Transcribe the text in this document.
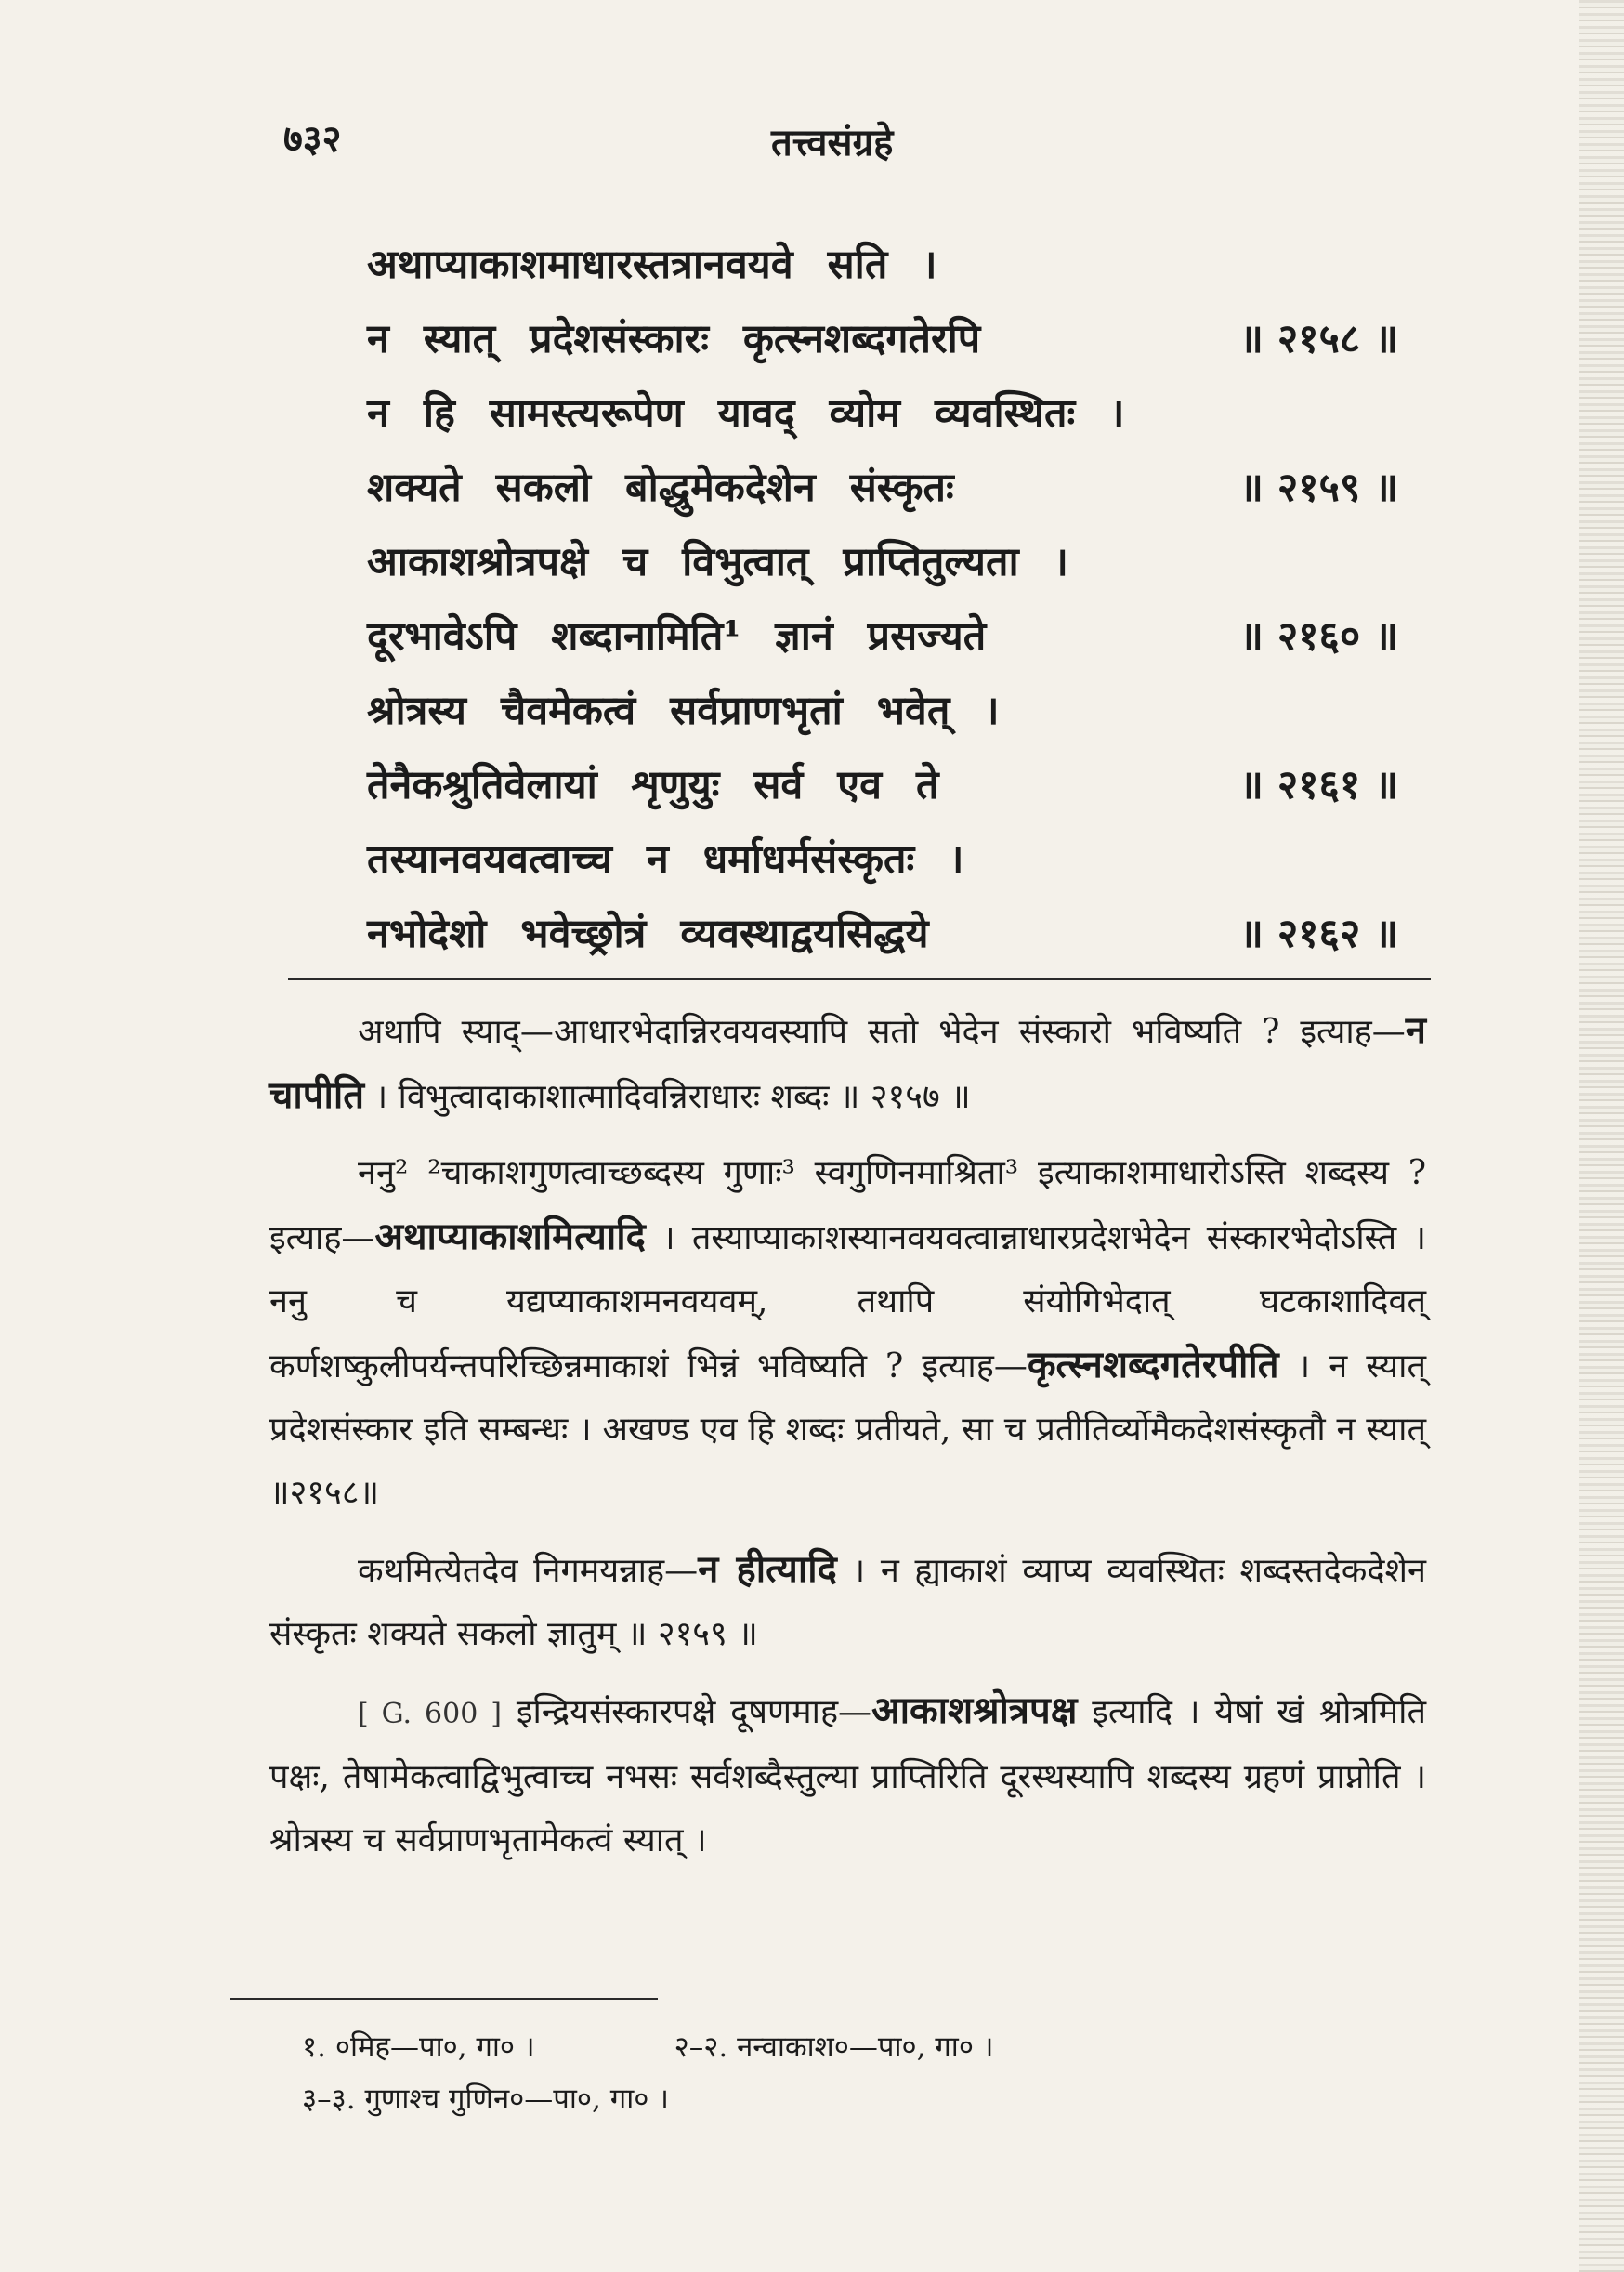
७३२	तत्त्वसंग्रहे
अथाप्याकाशमाधारस्तत्रानवयवे सति ।
न स्यात् प्रदेशसंस्कारः कृत्स्नशब्दगतेरपि	॥ २१५८ ॥
न हि सामस्त्यरूपेण यावद् व्योम व्यवस्थितः ।
शक्यते सकलो बोद्धुमेकदेशेन संस्कृतः	॥ २१५९ ॥
आकाशश्रोत्रपक्षे च विभुत्वात् प्राप्तितुल्यता ।
दूरभावेऽपि शब्दानामिति¹ ज्ञानं प्रसज्यते	॥ २१६० ॥
श्रोत्रस्य चैवमेकत्वं सर्वप्राणभृतां भवेत् ।
तेनैकश्रुतिवेलायां शृणुयुः सर्व एव ते	॥ २१६१ ॥
तस्यानवयवत्वाच्च न धर्माधर्मसंस्कृतः ।
नभोदेशो भवेच्छ्रोत्रं व्यवस्थाद्वयसिद्धये	॥ २१६२ ॥

अथापि स्याद्—आधारभेदान्निरवयवस्यापि सतो भेदेन संस्कारो भविष्यति ? इत्याह—न चापीति । विभुत्वादाकाशात्मादिवन्निराधारः शब्दः ॥ २१५७ ॥

ननु² ²चाकाशगुणत्वाच्छब्दस्य गुणाः³ स्वगुणिनमाश्रिता³ इत्याकाशमाधारोऽस्ति शब्दस्य ? इत्याह—अथाप्याकाशमित्यादि । तस्याप्याकाशस्यानवयवत्वान्नाधारप्रदेशभेदेन संस्कारभेदोऽस्ति । ननु च यद्यप्याकाशमनवयवम्, तथापि संयोगिभेदात् घटकाशादिवत् कर्णशष्कुलीपर्यन्तपरिच्छिन्नमाकाशं भिन्नं भविष्यति ? इत्याह—कृत्स्नशब्दगतेरपीति । न स्यात् प्रदेशसंस्कार इति सम्बन्धः । अखण्ड एव हि शब्दः प्रतीयते, सा च प्रतीतिर्व्योमैकदेशसंस्कृतौ न स्यात् ॥२१५८॥

कथमित्येतदेव निगमयन्नाह—न हीत्यादि । न ह्याकाशं व्याप्य व्यवस्थितः शब्दस्तदेकदेशेन संस्कृतः शक्यते सकलो ज्ञातुम् ॥ २१५९ ॥

[ G. 600 ] इन्द्रियसंस्कारपक्षे दूषणमाह—आकाशश्रोत्रपक्ष इत्यादि । येषां खं श्रोत्रमिति पक्षः, तेषामेकत्वाद्विभुत्वाच्च नभसः सर्वशब्दैस्तुल्या प्राप्तिरिति दूरस्थस्यापि शब्दस्य ग्रहणं प्राप्नोति । श्रोत्रस्य च सर्वप्राणभृतामेकत्वं स्यात् ।

१. ०मिह—पा०, गा० ।	२–२. नन्वाकाश०—पा०, गा० ।
३–३. गुणाश्च गुणिन०—पा०, गा० ।
